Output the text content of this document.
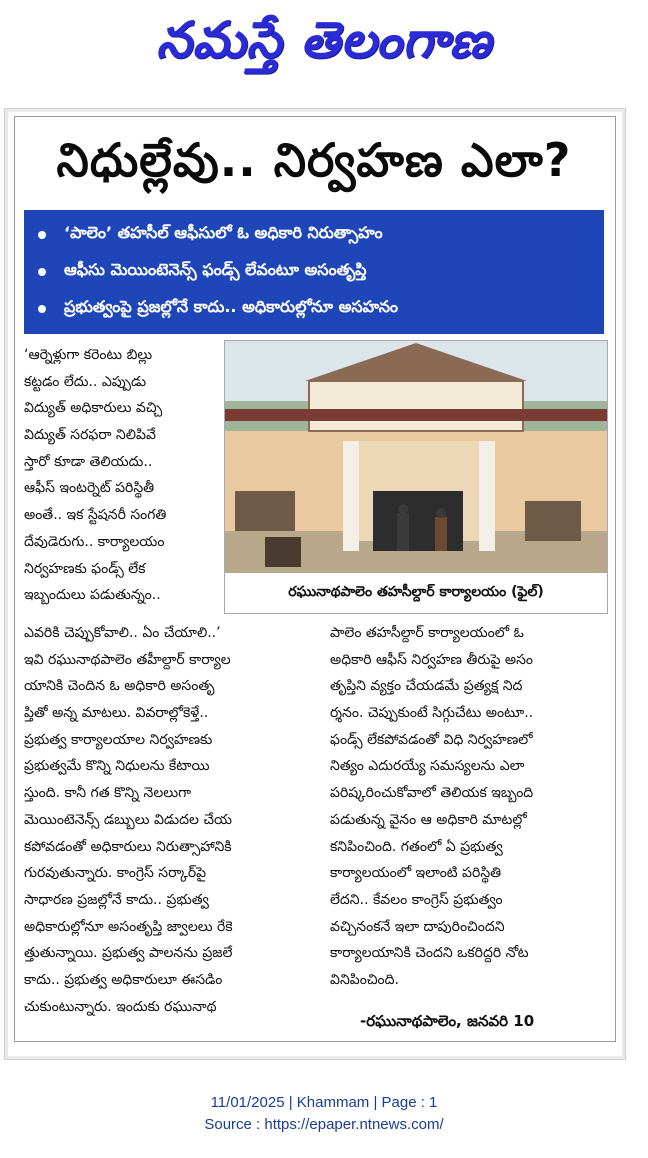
నమస్తే తెలంగాణ
నిధుల్లేవు.. నిర్వహణ ఎలా?
‘పాలెం’ తహసీల్ ఆఫీసులో ఓ అధికారి నిరుత్సాహం
ఆఫీసు మెయింటెనెన్స్ ఫండ్స్ లేవంటూ అసంతృప్తి
ప్రభుత్వంపై ప్రజల్లోనే కాదు.. అధికారుల్లోనూ అసహనం
‘ఆర్నెళ్లుగా కరెంటు బిల్లు
కట్టడం లేదు.. ఎప్పుడు
విద్యుత్ అధికారులు వచ్చి
విద్యుత్ సరఫరా నిలిపివే
స్తారో కూడా తెలియదు..
ఆఫీస్ ఇంటర్నెట్ పరిస్థితీ
అంతే.. ఇక స్టేషనరీ సంగతి
దేవుడెరుగు.. కార్యాలయం
నిర్వహణకు ఫండ్స్ లేక
ఇబ్బందులు పడుతున్నం..	రఘునాథపాలెం తహసీల్దార్ కార్యాలయం (ఫైల్)
ఎవరికి చెప్పుకోవాలి.. ఏం చేయాలి..’
ఇవి రఘునాథపాలెం తహీల్దార్ కార్యాల
యానికి చెందిన ఓ అధికారి అసంతృ
ప్తితో అన్న మాటలు. వివరాల్లోకెళ్తే..
ప్రభుత్వ కార్యాలయాల నిర్వహణకు
ప్రభుత్వమే కొన్ని నిధులను కేటాయి
స్తుంది. కానీ గత కొన్ని నెలలుగా
మెయింటెనెన్స్ డబ్బులు విడుదల చేయ
కపోవడంతో అధికారులు నిరుత్సాహానికి
గురవుతున్నారు. కాంగ్రెస్ సర్కార్‌పై
సాధారణ ప్రజల్లోనే కాదు.. ప్రభుత్వ
అధికారుల్లోనూ అసంతృప్తి జ్వాలలు రేకె
త్తుతున్నాయి. ప్రభుత్వ పాలనను ప్రజలే
కాదు.. ప్రభుత్వ అధికారులూ ఈసడిం
చుకుంటున్నారు. ఇందుకు రఘునాథ
పాలెం తహసీల్దార్ కార్యాలయంలో ఓ
అధికారి ఆఫీస్ నిర్వహణ తీరుపై అసం
తృప్తిని వ్యక్తం చేయడమే ప్రత్యక్ష నిద
ర్శనం. చెప్పుకుంటే సిగ్గుచేటు అంటూ..
ఫండ్స్ లేకపోవడంతో విధి నిర్వహణలో
నిత్యం ఎదురయ్యే సమస్యలను ఎలా
పరిష్కరించుకోవాలో తెలియక ఇబ్బంది
పడుతున్న వైనం ఆ అధికారి మాటల్లో
కనిపించింది. గతంలో ఏ ప్రభుత్వ
కార్యాలయంలో ఇలాంటి పరిస్థితి
లేదని.. కేవలం కాంగ్రెస్ ప్రభుత్వం
వచ్చినంకనే ఇలా దాపురించిందని
కార్యాలయానికి చెందని ఒకరిద్దరి నోట
వినిపించింది.
-రఘునాథపాలెం, జనవరి 10
11/01/2025 | Khammam | Page : 1
Source : https://epaper.ntnews.com/
